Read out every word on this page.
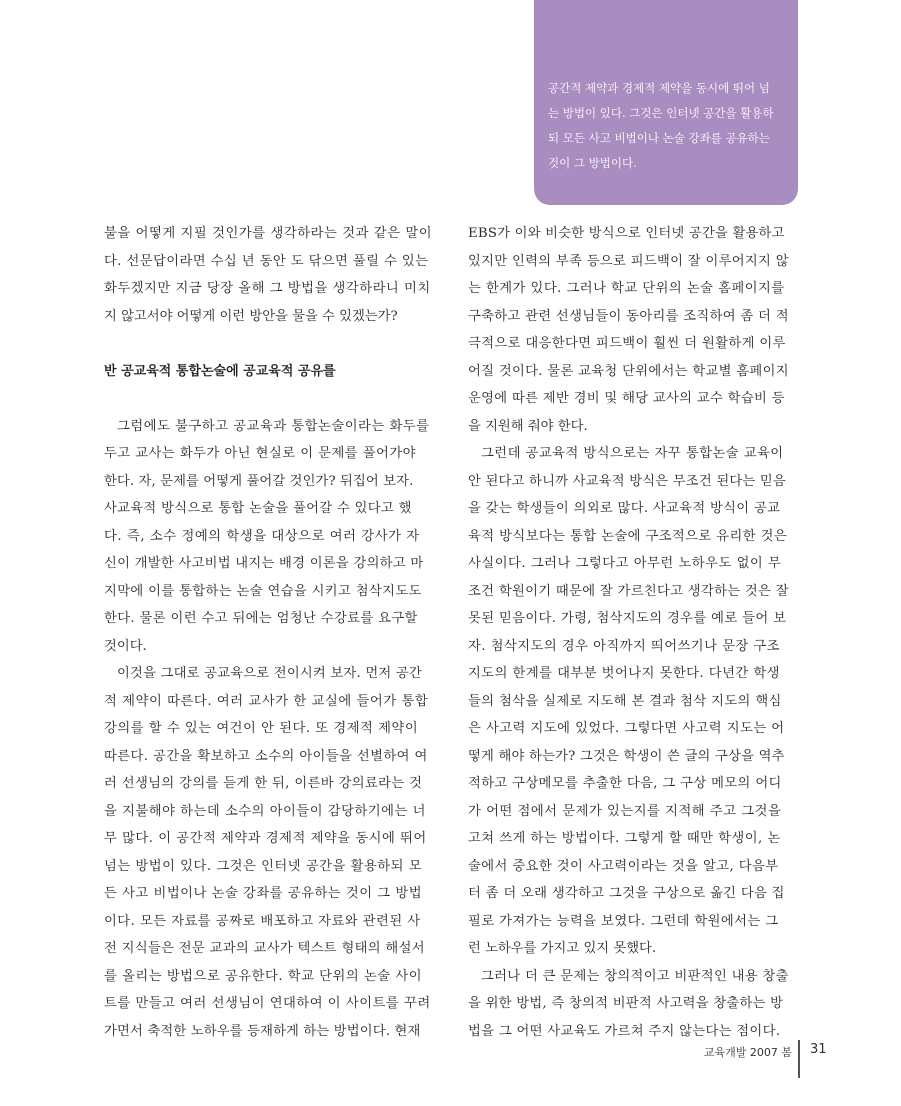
공간적 제약과 경제적 제약을 동시에 뛰어 넘
는 방법이 있다. 그것은 인터넷 공간을 활용하
되 모든 사고 비법이나 논술 강좌를 공유하는
것이 그 방법이다.
불을 어떻게 지필 것인가를 생각하라는 것과 같은 말이
다. 선문답이라면 수십 년 동안 도 닦으면 풀릴 수 있는
화두겠지만 지금 당장 올해 그 방법을 생각하라니 미치
지 않고서야 어떻게 이런 방안을 물을 수 있겠는가?
반 공교육적 통합논술에 공교육적 공유를
그럼에도 불구하고 공교육과 통합논술이라는 화두를
두고 교사는 화두가 아닌 현실로 이 문제를 풀어가야
한다. 자, 문제를 어떻게 풀어갈 것인가? 뒤집어 보자.
사교육적 방식으로 통합 논술을 풀어갈 수 있다고 했
다. 즉, 소수 정예의 학생을 대상으로 여러 강사가 자
신이 개발한 사고비법 내지는 배경 이론을 강의하고 마
지막에 이를 통합하는 논술 연습을 시키고 첨삭지도도
한다. 물론 이런 수고 뒤에는 엄청난 수강료를 요구할
것이다.
이것을 그대로 공교육으로 전이시켜 보자. 먼저 공간
적 제약이 따른다. 여러 교사가 한 교실에 들어가 통합
강의를 할 수 있는 여건이 안 된다. 또 경제적 제약이
따른다. 공간을 확보하고 소수의 아이들을 선별하여 여
러 선생님의 강의를 듣게 한 뒤, 이른바 강의료라는 것
을 지불해야 하는데 소수의 아이들이 감당하기에는 너
무 많다. 이 공간적 제약과 경제적 제약을 동시에 뛰어
넘는 방법이 있다. 그것은 인터넷 공간을 활용하되 모
든 사고 비법이나 논술 강좌를 공유하는 것이 그 방법
이다. 모든 자료를 공짜로 배포하고 자료와 관련된 사
전 지식들은 전문 교과의 교사가 텍스트 형태의 해설서
를 올리는 방법으로 공유한다. 학교 단위의 논술 사이
트를 만들고 여러 선생님이 연대하여 이 사이트를 꾸려
가면서 축적한 노하우를 등재하게 하는 방법이다. 현재
EBS가 이와 비슷한 방식으로 인터넷 공간을 활용하고
있지만 인력의 부족 등으로 피드백이 잘 이루어지지 않
는 한계가 있다. 그러나 학교 단위의 논술 홈페이지를
구축하고 관련 선생님들이 동아리를 조직하여 좀 더 적
극적으로 대응한다면 피드백이 훨씬 더 원활하게 이루
어질 것이다. 물론 교육청 단위에서는 학교별 홈페이지
운영에 따른 제반 경비 및 해당 교사의 교수 학습비 등
을 지원해 줘야 한다.
그런데 공교육적 방식으로는 자꾸 통합논술 교육이
안 된다고 하니까 사교육적 방식은 무조건 된다는 믿음
을 갖는 학생들이 의외로 많다. 사교육적 방식이 공교
육적 방식보다는 통합 논술에 구조적으로 유리한 것은
사실이다. 그러나 그렇다고 아무런 노하우도 없이 무
조건 학원이기 때문에 잘 가르친다고 생각하는 것은 잘
못된 믿음이다. 가령, 첨삭지도의 경우를 예로 들어 보
자. 첨삭지도의 경우 아직까지 띄어쓰기나 문장 구조
지도의 한계를 대부분 벗어나지 못한다. 다년간 학생
들의 첨삭을 실제로 지도해 본 결과 첨삭 지도의 핵심
은 사고력 지도에 있었다. 그렇다면 사고력 지도는 어
떻게 해야 하는가? 그것은 학생이 쓴 글의 구상을 역추
적하고 구상메모를 추출한 다음, 그 구상 메모의 어디
가 어떤 점에서 문제가 있는지를 지적해 주고 그것을
고쳐 쓰게 하는 방법이다. 그렇게 할 때만 학생이, 논
술에서 중요한 것이 사고력이라는 것을 알고, 다음부
터 좀 더 오래 생각하고 그것을 구상으로 옮긴 다음 집
필로 가져가는 능력을 보였다. 그런데 학원에서는 그
런 노하우를 가지고 있지 못했다.
그러나 더 큰 문제는 창의적이고 비판적인 내용 창출
을 위한 방법, 즉 창의적 비판적 사고력을 창출하는 방
법을 그 어떤 사교육도 가르쳐 주지 않는다는 점이다.
교육개발 2007 봄 31
